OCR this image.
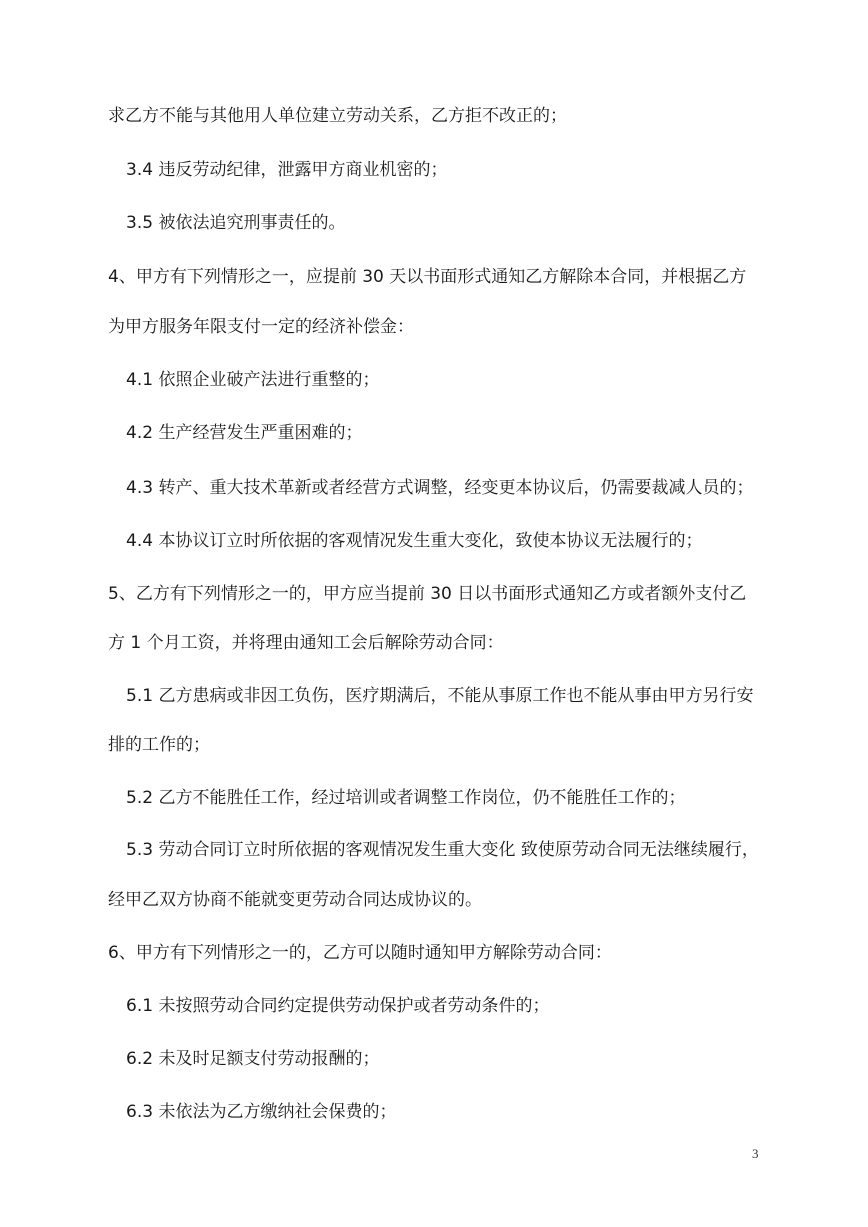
求乙方不能与其他用人单位建立劳动关系，乙方拒不改正的；
3.4 违反劳动纪律，泄露甲方商业机密的；
3.5 被依法追究刑事责任的。
4、甲方有下列情形之一，应提前 30 天以书面形式通知乙方解除本合同，并根据乙方
为甲方服务年限支付一定的经济补偿金：
4.1 依照企业破产法进行重整的；
4.2 生产经营发生严重困难的；
4.3 转产、重大技术革新或者经营方式调整，经变更本协议后，仍需要裁减人员的；
4.4 本协议订立时所依据的客观情况发生重大变化，致使本协议无法履行的；
5、乙方有下列情形之一的，甲方应当提前 30 日以书面形式通知乙方或者额外支付乙
方 1 个月工资，并将理由通知工会后解除劳动合同：
5.1 乙方患病或非因工负伤，医疗期满后，不能从事原工作也不能从事由甲方另行安
排的工作的；
5.2 乙方不能胜任工作，经过培训或者调整工作岗位，仍不能胜任工作的；
5.3 劳动合同订立时所依据的客观情况发生重大变化 致使原劳动合同无法继续履行，
经甲乙双方协商不能就变更劳动合同达成协议的。
6、甲方有下列情形之一的，乙方可以随时通知甲方解除劳动合同：
6.1 未按照劳动合同约定提供劳动保护或者劳动条件的；
6.2 未及时足额支付劳动报酬的；
6.3 未依法为乙方缴纳社会保费的；
3
